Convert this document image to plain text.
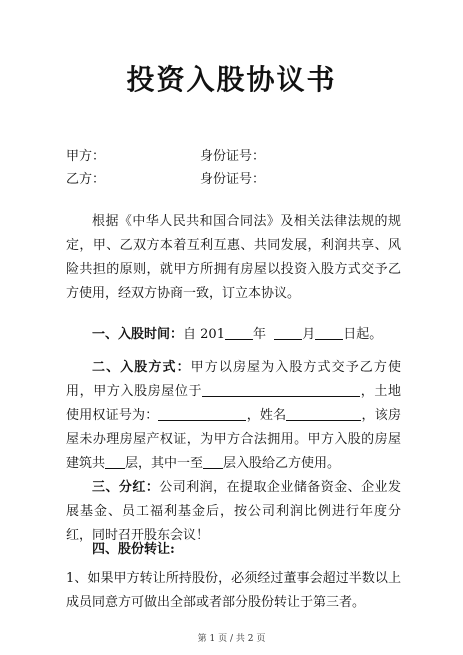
投资入股协议书
甲方：	身份证号：
乙方：	身份证号：
根据《中华人民共和国合同法》及相关法律法规的规定，甲、乙双方本着互利互惠、共同发展，利润共享、风险共担的原则，就甲方所拥有房屋以投资入股方式交予乙方使用，经双方协商一致，订立本协议。
一、入股时间：自 201 年	月 日起。
二、入股方式：甲方以房屋为入股方式交予乙方使用，甲方入股房屋位于	，土地使用权证号为：	，姓名	，该房屋未办理房屋产权证，为甲方合法拥用。甲方入股的房屋建筑共 层，其中一至 层入股给乙方使用。
三、分红：公司利润，在提取企业储备资金、企业发展基金、员工福利基金后，按公司利润比例进行年度分红，同时召开股东会议！
四、股份转让:
1、如果甲方转让所持股份，必须经过董事会超过半数以上成员同意方可做出全部或者部分股份转让于第三者。
第 1 页 / 共 2 页
